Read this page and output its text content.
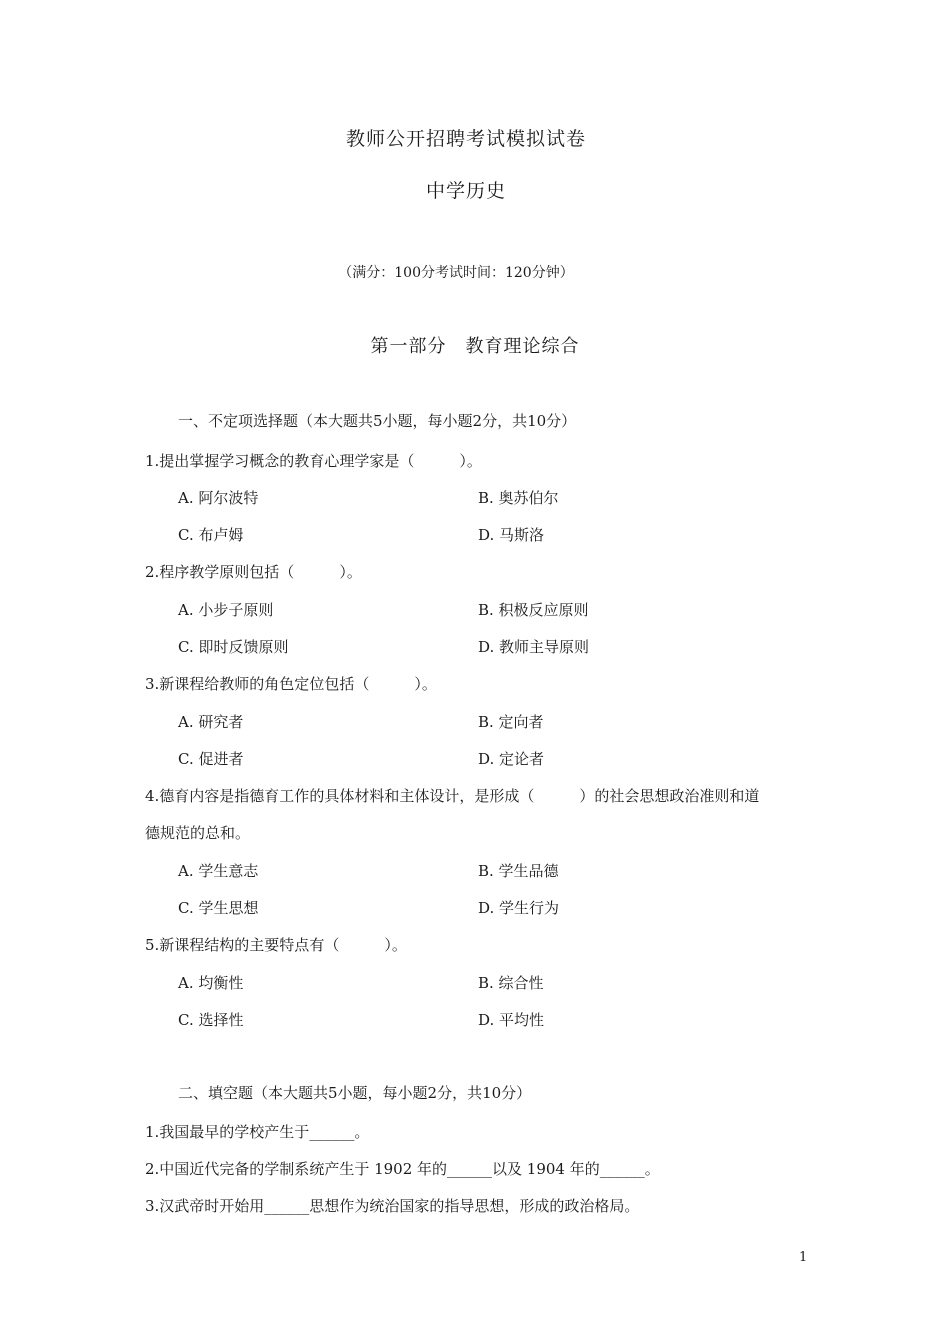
教师公开招聘考试模拟试卷
中学历史
（满分：100分考试时间：120分钟）
第一部分　教育理论综合
一、不定项选择题（本大题共5小题，每小题2分，共10分）
1.提出掌握学习概念的教育心理学家是（　　　）。
A. 阿尔波特	B. 奥苏伯尔
C. 布卢姆	D. 马斯洛
2.程序教学原则包括（　　　）。
A. 小步子原则	B. 积极反应原则
C. 即时反馈原则	D. 教师主导原则
3.新课程给教师的角色定位包括（　　　）。
A. 研究者	B. 定向者
C. 促进者	D. 定论者
4.德育内容是指德育工作的具体材料和主体设计，是形成（　　　）的社会思想政治准则和道
德规范的总和。
A. 学生意志	B. 学生品德
C. 学生思想	D. 学生行为
5.新课程结构的主要特点有（　　　）。
A. 均衡性	B. 综合性
C. 选择性	D. 平均性
二、填空题（本大题共5小题，每小题2分，共10分）
1.我国最早的学校产生于______。
2.中国近代完备的学制系统产生于 1902 年的______以及 1904 年的______。
3.汉武帝时开始用______思想作为统治国家的指导思想，形成的政治格局。
1
